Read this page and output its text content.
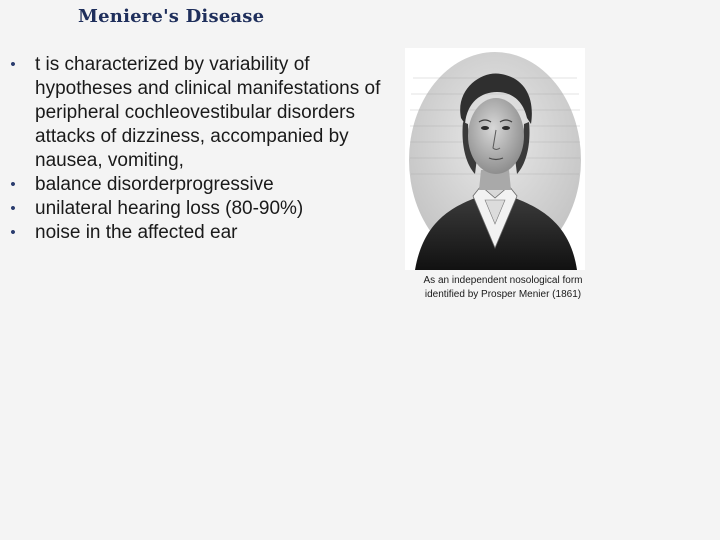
Meniere's Disease
• t is characterized by variability of hypotheses and clinical manifestations of peripheral cochleovestibular disorders attacks of dizziness, accompanied by nausea, vomiting,
• balance disorderprogressive
• unilateral hearing loss (80-90%)
• noise in the affected ear
As an independent nosological form
identified by Prosper Menier (1861)
